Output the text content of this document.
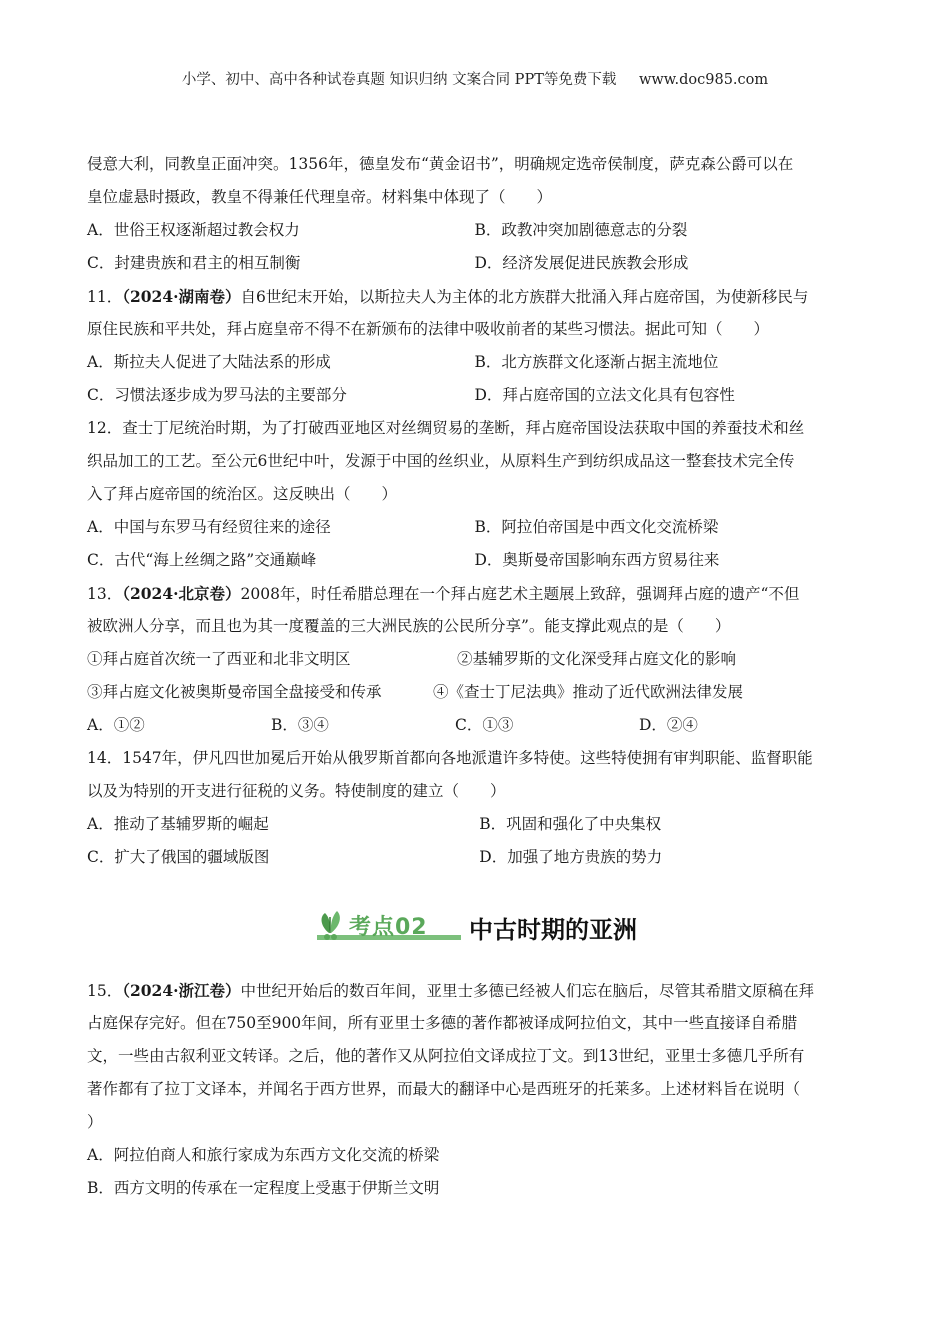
小学、初中、高中各种试卷真题 知识归纳 文案合同 PPT等免费下载 www.doc985.com
侵意大利，同教皇正面冲突。1356年，德皇发布“黄金诏书”，明确规定选帝侯制度，萨克森公爵可以在
皇位虚悬时摄政，教皇不得兼任代理皇帝。材料集中体现了（　　）
A．世俗王权逐渐超过教会权力	B．政教冲突加剧德意志的分裂
C．封建贵族和君主的相互制衡	D．经济发展促进民族教会形成
11．（2024·湖南卷）自6世纪末开始，以斯拉夫人为主体的北方族群大批涌入拜占庭帝国，为使新移民与
原住民族和平共处，拜占庭皇帝不得不在新颁布的法律中吸收前者的某些习惯法。据此可知（　　）
A．斯拉夫人促进了大陆法系的形成	B．北方族群文化逐渐占据主流地位
C．习惯法逐步成为罗马法的主要部分	D．拜占庭帝国的立法文化具有包容性
12．查士丁尼统治时期，为了打破西亚地区对丝绸贸易的垄断，拜占庭帝国设法获取中国的养蚕技术和丝
织品加工的工艺。至公元6世纪中叶，发源于中国的丝织业，从原料生产到纺织成品这一整套技术完全传
入了拜占庭帝国的统治区。这反映出（　　）
A．中国与东罗马有经贸往来的途径	B．阿拉伯帝国是中西文化交流桥梁
C．古代“海上丝绸之路”交通巅峰	D．奥斯曼帝国影响东西方贸易往来
13．（2024·北京卷）2008年，时任希腊总理在一个拜占庭艺术主题展上致辞，强调拜占庭的遗产“不但
被欧洲人分享，而且也为其一度覆盖的三大洲民族的公民所分享”。能支撑此观点的是（　　）
①拜占庭首次统一了西亚和北非文明区	②基辅罗斯的文化深受拜占庭文化的影响
③拜占庭文化被奥斯曼帝国全盘接受和传承	④《查士丁尼法典》推动了近代欧洲法律发展
A．①②	B．③④	C．①③	D．②④
14．1547年，伊凡四世加冕后开始从俄罗斯首都向各地派遣许多特使。这些特使拥有审判职能、监督职能
以及为特别的开支进行征税的义务。特使制度的建立（　　）
A．推动了基辅罗斯的崛起	B．巩固和强化了中央集权
C．扩大了俄国的疆域版图	D．加强了地方贵族的势力
考点02 中古时期的亚洲
15．（2024·浙江卷）中世纪开始后的数百年间，亚里士多德已经被人们忘在脑后，尽管其希腊文原稿在拜
占庭保存完好。但在750至900年间，所有亚里士多德的著作都被译成阿拉伯文，其中一些直接译自希腊
文，一些由古叙利亚文转译。之后，他的著作又从阿拉伯文译成拉丁文。到13世纪，亚里士多德几乎所有
著作都有了拉丁文译本，并闻名于西方世界，而最大的翻译中心是西班牙的托莱多。上述材料旨在说明（
）
A．阿拉伯商人和旅行家成为东西方文化交流的桥梁
B．西方文明的传承在一定程度上受惠于伊斯兰文明
